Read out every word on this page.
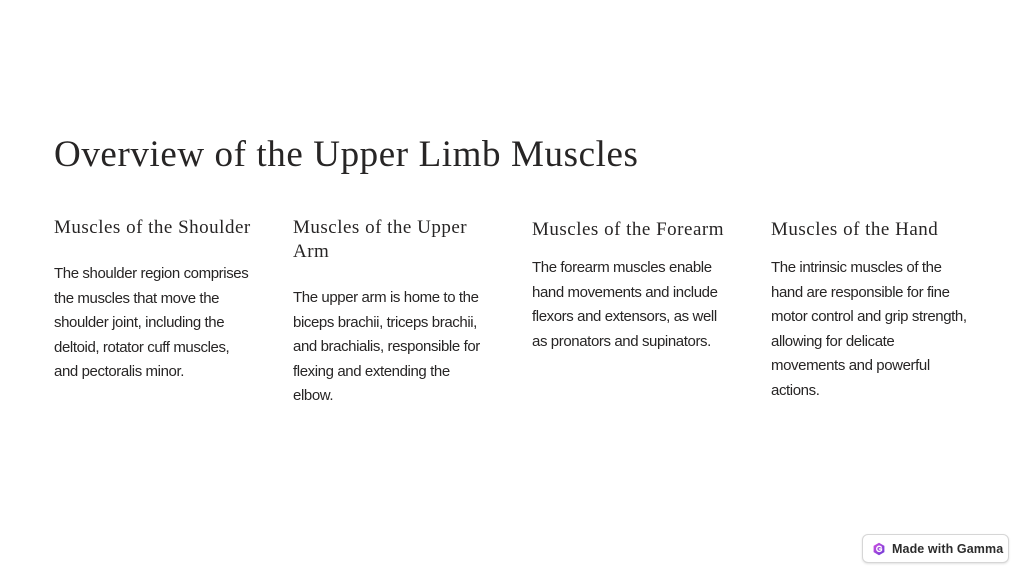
Overview of the Upper Limb Muscles
Muscles of the Shoulder

The shoulder region comprises the muscles that move the shoulder joint, including the deltoid, rotator cuff muscles, and pectoralis minor.

Muscles of the Upper Arm

The upper arm is home to the biceps brachii, triceps brachii, and brachialis, responsible for flexing and extending the elbow.

Muscles of the Forearm

The forearm muscles enable hand movements and include flexors and extensors, as well as pronators and supinators.

Muscles of the Hand

The intrinsic muscles of the hand are responsible for fine motor control and grip strength, allowing for delicate movements and powerful actions.

Made with Gamma
